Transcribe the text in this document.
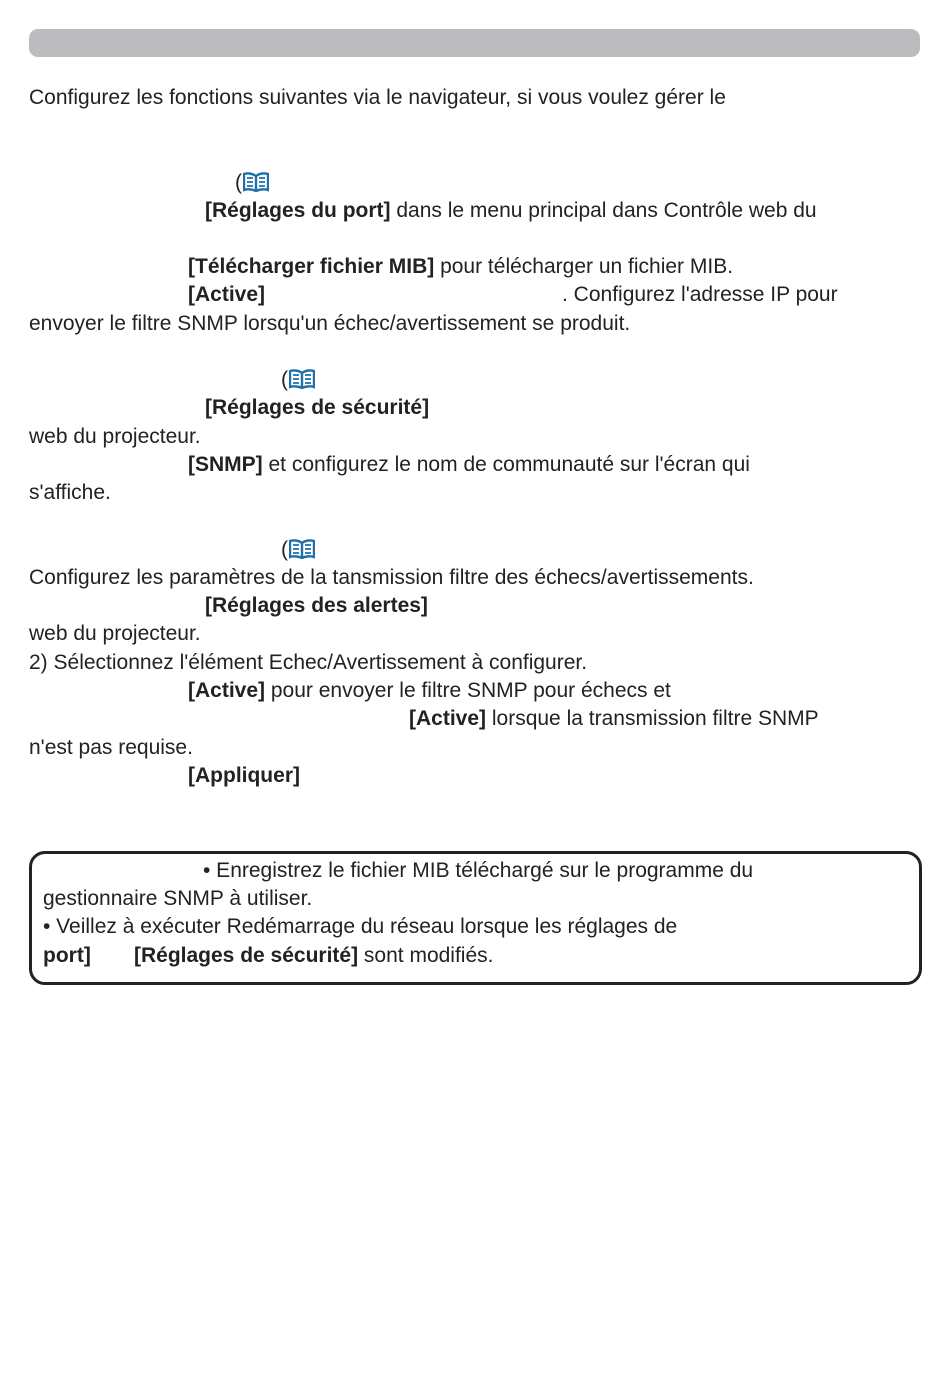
Configurez les fonctions suivantes via le navigateur, si vous voulez gérer le
(
[Réglages du port] dans le menu principal dans Contrôle web du
[Télécharger fichier MIB] pour télécharger un fichier MIB.
[Active]	. Configurez l'adresse IP pour
envoyer le filtre SNMP lorsqu'un échec/avertissement se produit.
(
[Réglages de sécurité]
web du projecteur.
[SNMP] et configurez le nom de communauté sur l'écran qui
s'affiche.
(
Configurez les paramètres de la tansmission filtre des échecs/avertissements.
[Réglages des alertes]
web du projecteur.
2) Sélectionnez l'élément Echec/Avertissement à configurer.
[Active] pour envoyer le filtre SNMP pour échecs et
[Active] lorsque la transmission filtre SNMP
n'est pas requise.
[Appliquer]
• Enregistrez le fichier MIB téléchargé sur le programme du
gestionnaire SNMP à utiliser.
• Veillez à exécuter Redémarrage du réseau lorsque les réglages de
port] [Réglages de sécurité] sont modifiés.
